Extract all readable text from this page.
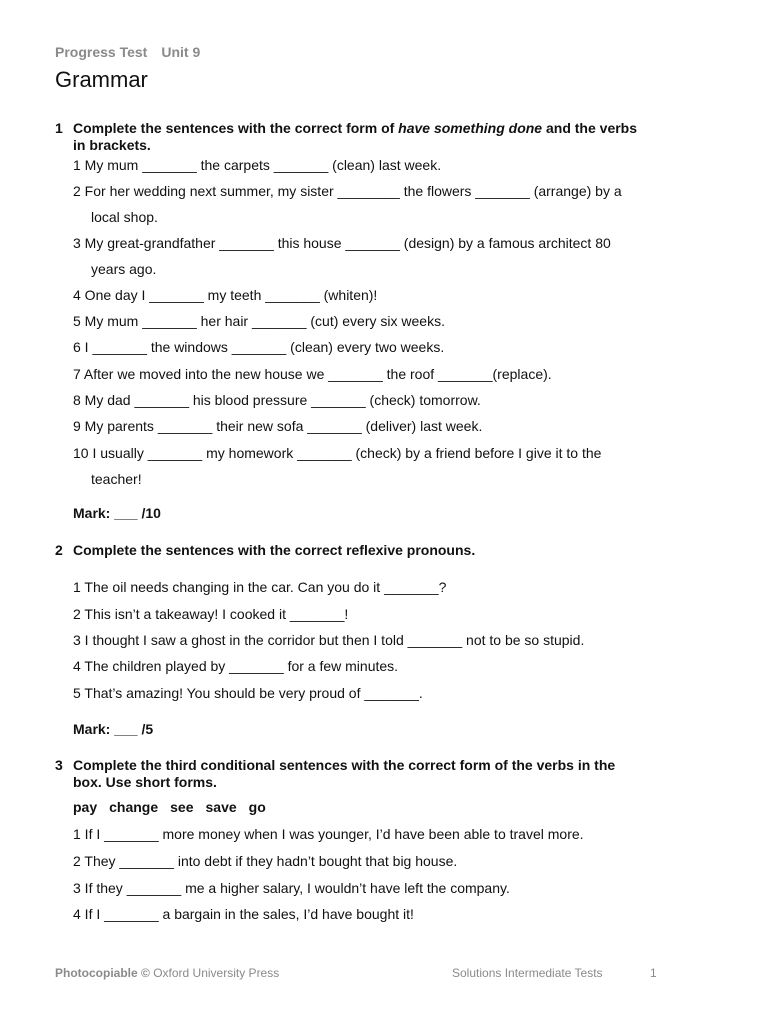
Progress Test Unit 9
Grammar
1 Complete the sentences with the correct form of have something done and the verbs
in brackets.
1 My mum _______ the carpets _______ (clean) last week.
2 For her wedding next summer, my sister ________ the flowers _______ (arrange) by a
local shop.
3 My great-grandfather _______ this house _______ (design) by a famous architect 80
years ago.
4 One day I _______ my teeth _______ (whiten)!
5 My mum _______ her hair _______ (cut) every six weeks.
6 I _______ the windows _______ (clean) every two weeks.
7 After we moved into the new house we _______ the roof _______(replace).
8 My dad _______ his blood pressure _______ (check) tomorrow.
9 My parents _______ their new sofa _______ (deliver) last week.
10 I usually _______ my homework _______ (check) by a friend before I give it to the
teacher!
Mark: ___ /10
2 Complete the sentences with the correct reflexive pronouns.
1 The oil needs changing in the car. Can you do it _______?
2 This isn’t a takeaway! I cooked it _______!
3 I thought I saw a ghost in the corridor but then I told _______ not to be so stupid.
4 The children played by _______ for a few minutes.
5 That’s amazing! You should be very proud of _______.
Mark: ___ /5
3 Complete the third conditional sentences with the correct form of the verbs in the
box. Use short forms.
pay change see save go
1 If I _______ more money when I was younger, I’d have been able to travel more.
2 They _______ into debt if they hadn’t bought that big house.
3 If they _______ me a higher salary, I wouldn’t have left the company.
4 If I _______ a bargain in the sales, I’d have bought it!
Photocopiable © Oxford University Press	Solutions Intermediate Tests	1
